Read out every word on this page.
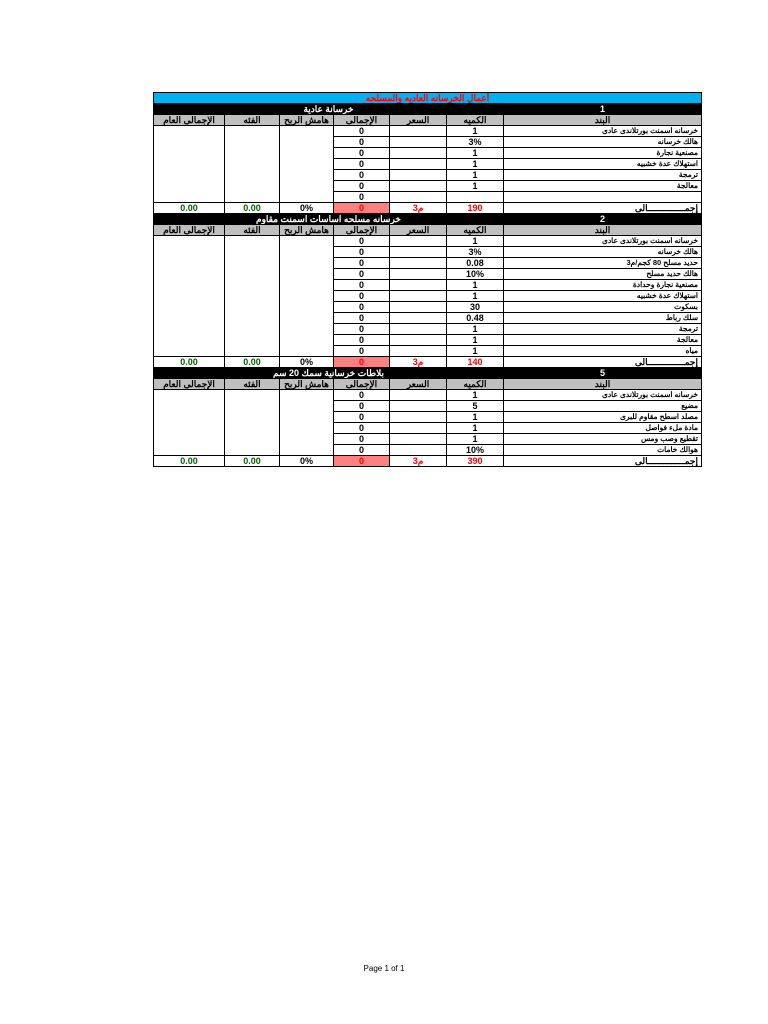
أعمال الخرسانه العاديه والمسلحه						
خرسانة عادية						1
الإجمالى العام	الفئه	هامش الربح	الإجمالى	السعر	الكميه	البند
			0		1	خرسانه اسمنت بورتلاندى عادى
			0		3%	هالك خرسانه
			0		1	مصنعية نجارة
			0		1	استهلاك عدة خشبيه
			0		1	ترمجة
			0		1	معالجة
			0			
0.00	0.00	0%	0	م3	190	إجمــــــــــــــالى
خرسانه مسلحه اساسات اسمنت مقاوم						2
الإجمالى العام	الفئه	هامش الربح	الإجمالى	السعر	الكميه	البند
			0		1	خرسانه اسمنت بورتلاندى عادى
			0		3%	هالك خرسانه
			0		0.08	حديد مسلح 80 كجم/م3
			0		10%	هالك حديد مسلح
			0		1	مصنعية نجارة وحدادة
			0		1	استهلاك عدة خشبيه
			0		30	بسكوت
			0		0.48	سلك رباط
			0		1	ترمجة
			0		1	معالجة
			0		1	مياه
0.00	0.00	0%	0	م3	140	إجمــــــــــــــالى
بلاطات خرسانية سمك 20 سم						5
الإجمالى العام	الفئه	هامش الربح	الإجمالى	السعر	الكميه	البند
			0		1	خرسانه اسمنت بورتلاندى عادى
			0		5	مضيع
			0		1	مصلد اسطح مقاوم للبرى
			0		1	مادة ملء فواصل
			0		1	تقطيع وصب ومس
			0		10%	هوالك خامات
0.00	0.00	0%	0	م3	390	إجمــــــــــــــالى
Page 1 of 1
